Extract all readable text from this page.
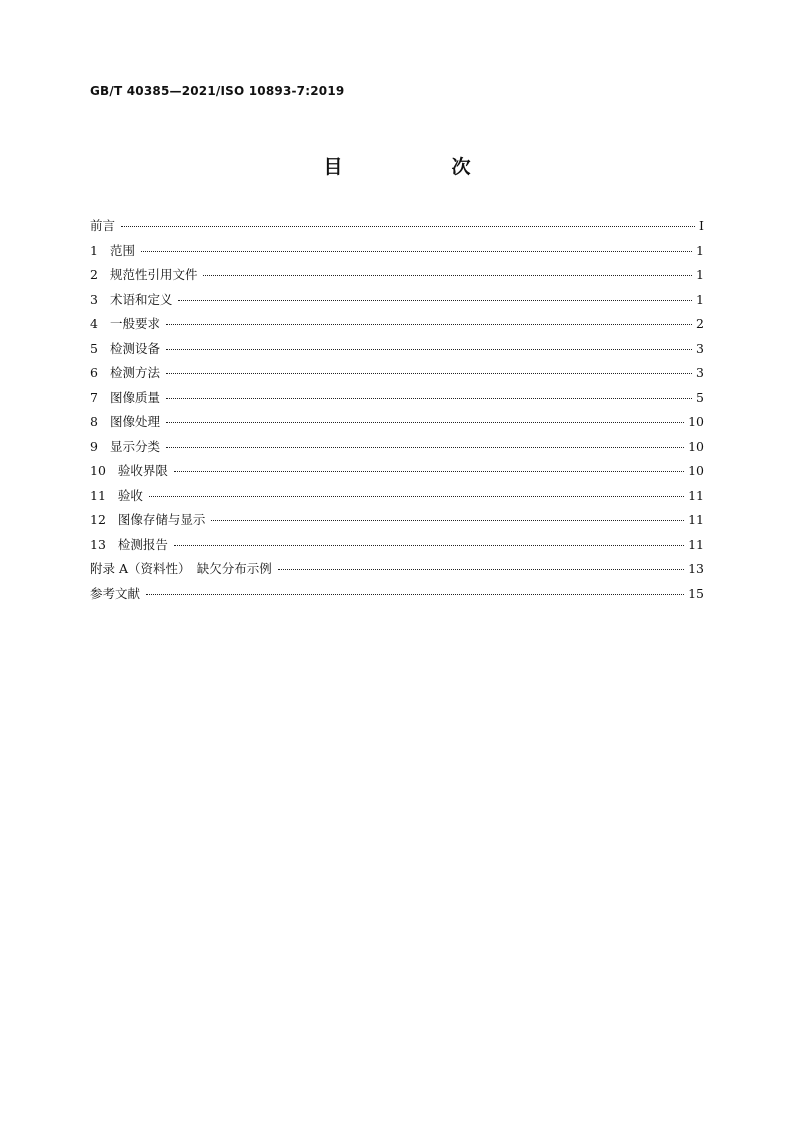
GB/T 40385—2021/ISO 10893-7:2019
目　次
前言	Ⅰ
1 范围	1
2 规范性引用文件	1
3 术语和定义	1
4 一般要求	2
5 检测设备	3
6 检测方法	3
7 图像质量	5
8 图像处理	10
9 显示分类	10
10 验收界限	10
11 验收	11
12 图像存储与显示	11
13 检测报告	11
附录 A（资料性）　缺欠分布示例	13
参考文献	15
